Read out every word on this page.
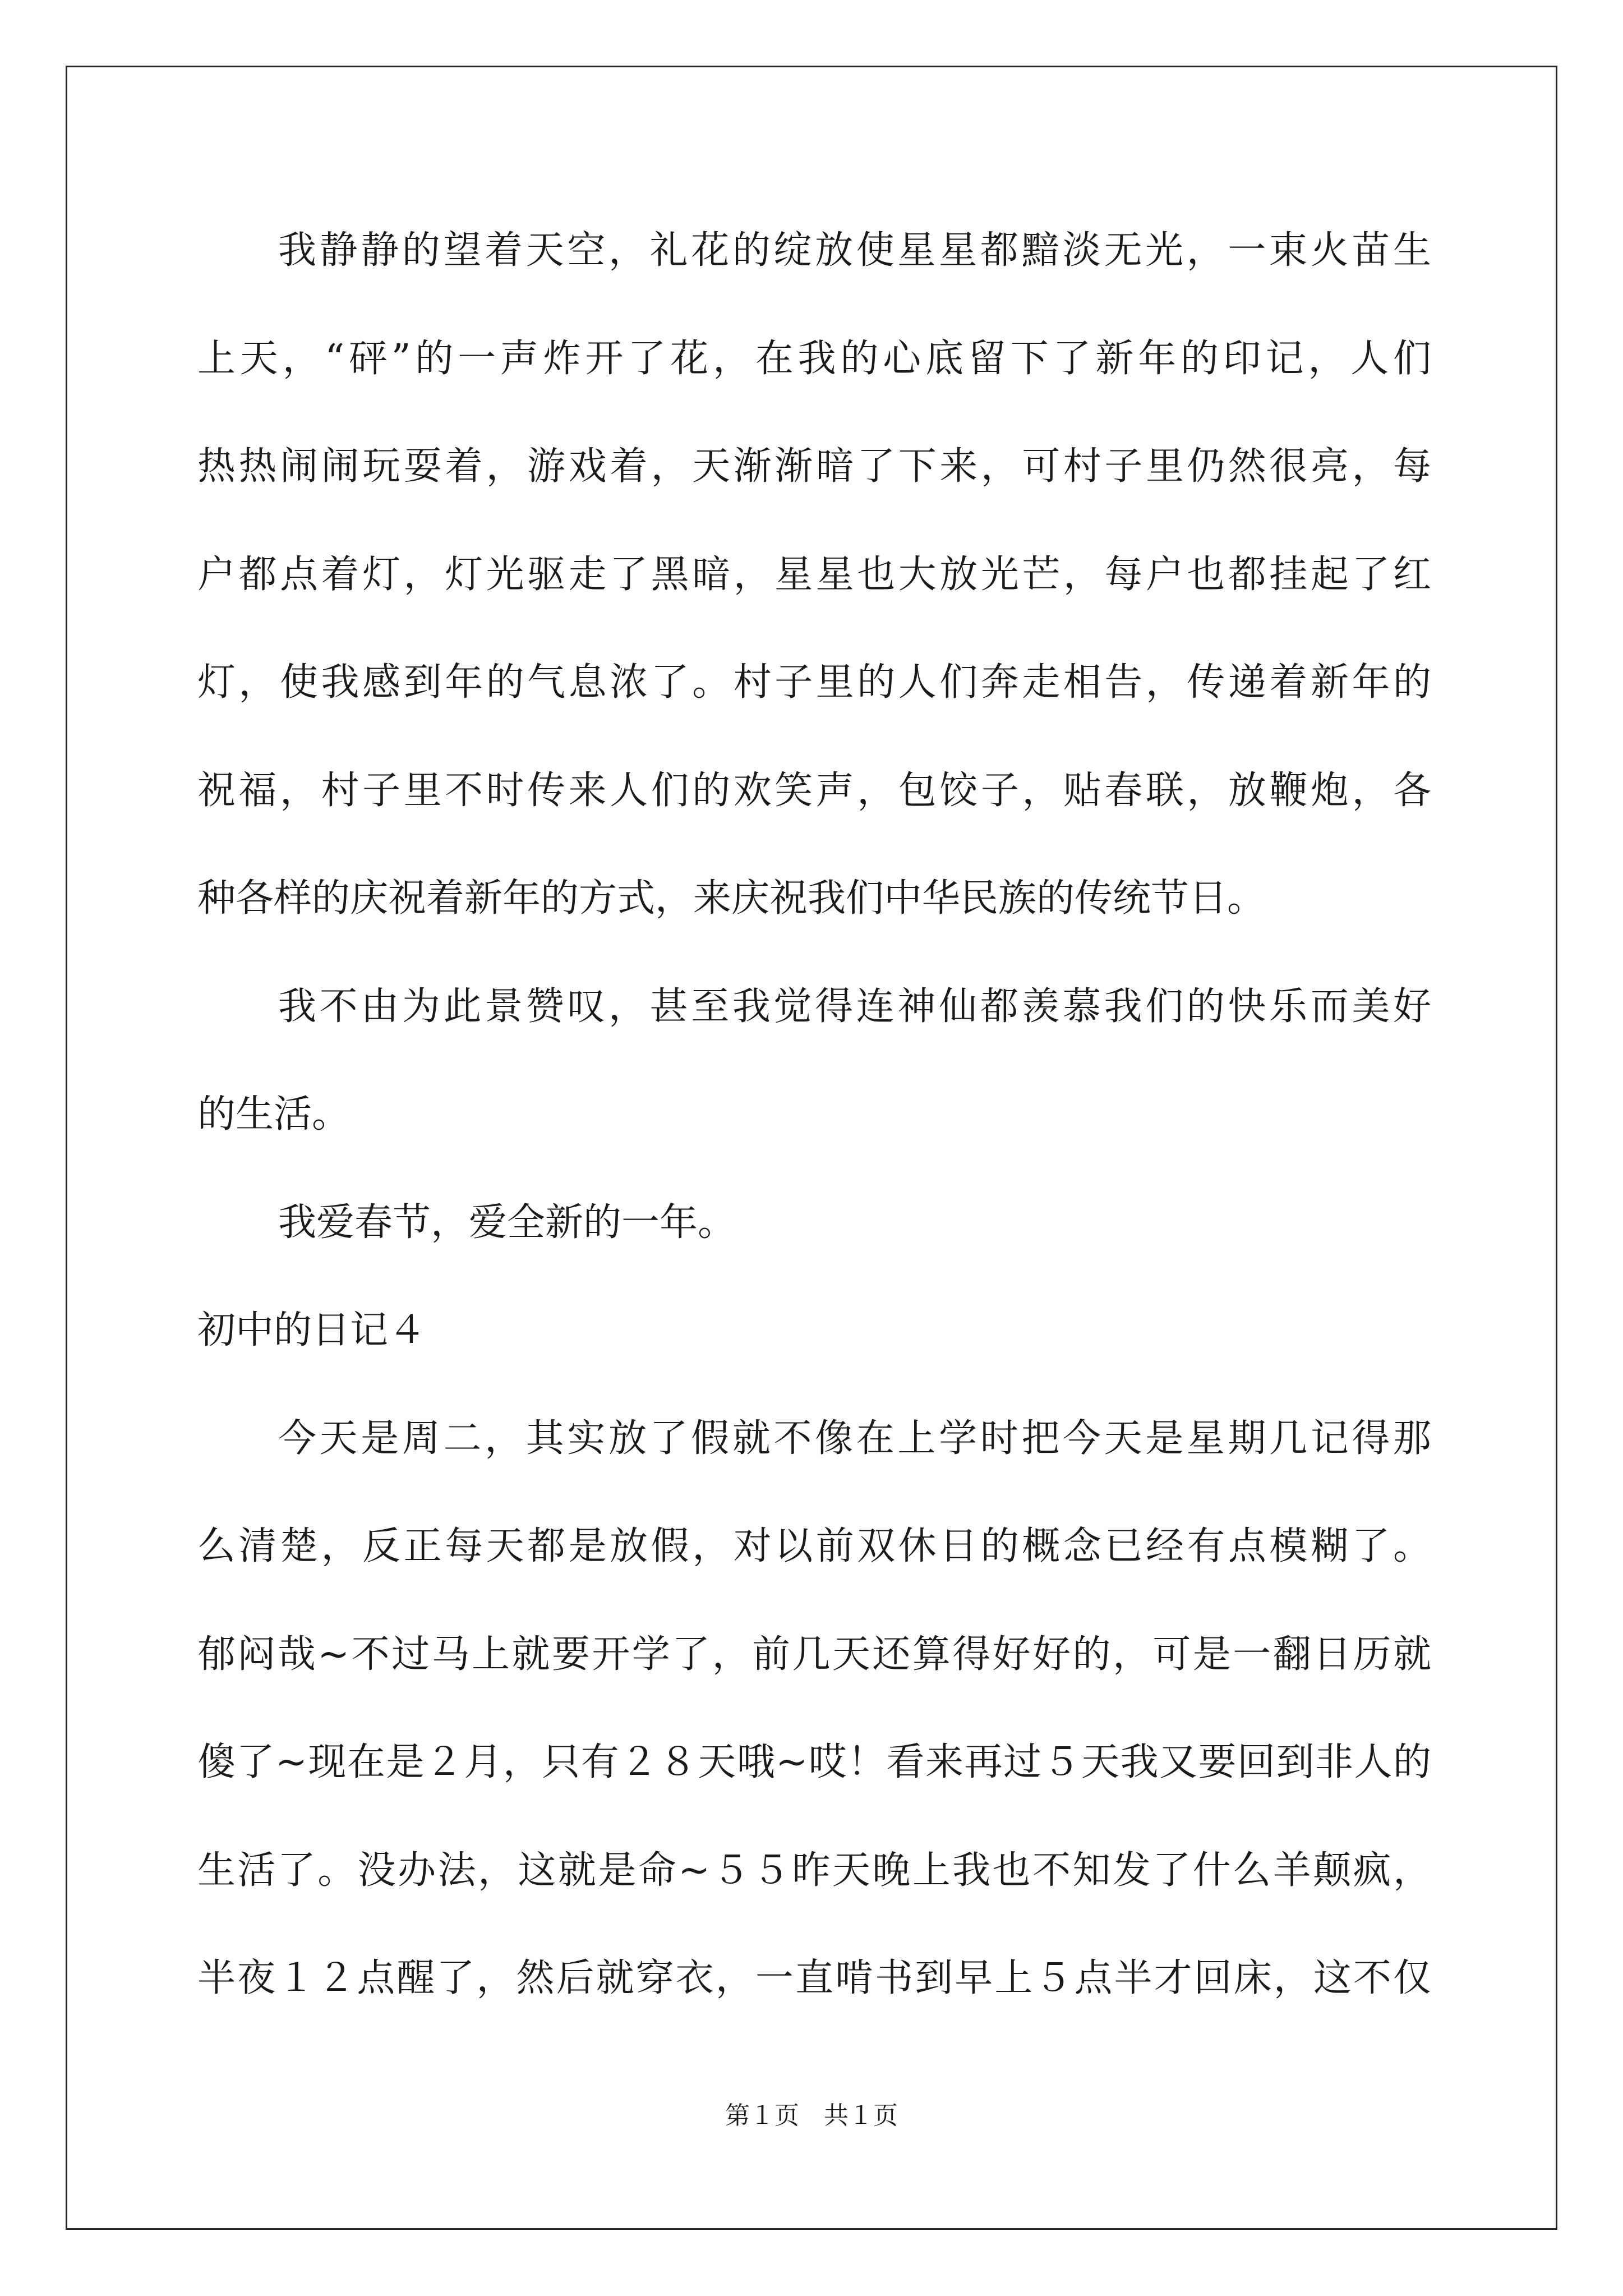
我静静的望着天空，礼花的绽放使星星都黯淡无光，一束火苗生
上天，“砰”的一声炸开了花，在我的心底留下了新年的印记，人们
热热闹闹玩耍着，游戏着，天渐渐暗了下来，可村子里仍然很亮，每
户都点着灯，灯光驱走了黑暗，星星也大放光芒，每户也都挂起了红
灯，使我感到年的气息浓了。村子里的人们奔走相告，传递着新年的
祝福，村子里不时传来人们的欢笑声，包饺子，贴春联，放鞭炮，各
种各样的庆祝着新年的方式，来庆祝我们中华民族的传统节日。
我不由为此景赞叹，甚至我觉得连神仙都羡慕我们的快乐而美好
的生活。
我爱春节，爱全新的一年。
初中的日记４
今天是周二，其实放了假就不像在上学时把今天是星期几记得那
么清楚，反正每天都是放假，对以前双休日的概念已经有点模糊了。
郁闷哉~不过马上就要开学了，前几天还算得好好的，可是一翻日历就
傻了~现在是２月，只有２８天哦~哎！看来再过５天我又要回到非人的
生活了。没办法，这就是命~５５昨天晚上我也不知发了什么羊颠疯，
半夜１２点醒了，然后就穿衣，一直啃书到早上５点半才回床，这不仅
第１页　共１页
